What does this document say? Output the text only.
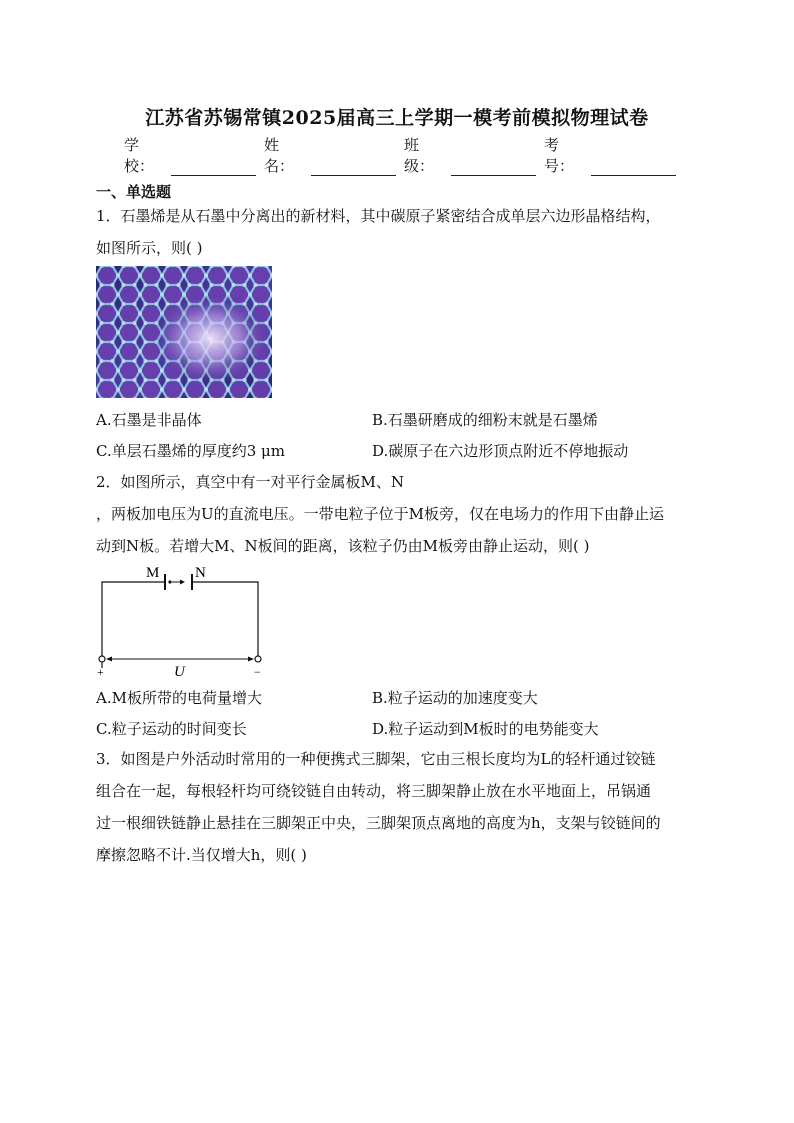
江苏省苏锡常镇2025届高三上学期一模考前模拟物理试卷
学校：
姓名：
班级：
考号：
一、单选题
1．石墨烯是从石墨中分离出的新材料，其中碳原子紧密结合成单层六边形晶格结构，
如图所示，则( )
A.石墨是非晶体	B.石墨研磨成的细粉末就是石墨烯
C.单层石墨烯的厚度约3 μm	D.碳原子在六边形顶点附近不停地振动
2．如图所示，真空中有一对平行金属板M、N
，两板加电压为U的直流电压。一带电粒子位于M板旁，仅在电场力的作用下由静止运
动到N板。若增大M、N板间的距离，该粒子仍由M板旁由静止运动，则( )
M N
U
+	−
A.M板所带的电荷量增大	B.粒子运动的加速度变大
C.粒子运动的时间变长	D.粒子运动到M板时的电势能变大
3．如图是户外活动时常用的一种便携式三脚架，它由三根长度均为L的轻杆通过铰链
组合在一起，每根轻杆均可绕铰链自由转动，将三脚架静止放在水平地面上，吊锅通
过一根细铁链静止悬挂在三脚架正中央，三脚架顶点离地的高度为h，支架与铰链间的
摩擦忽略不计.当仅增大h，则( )
